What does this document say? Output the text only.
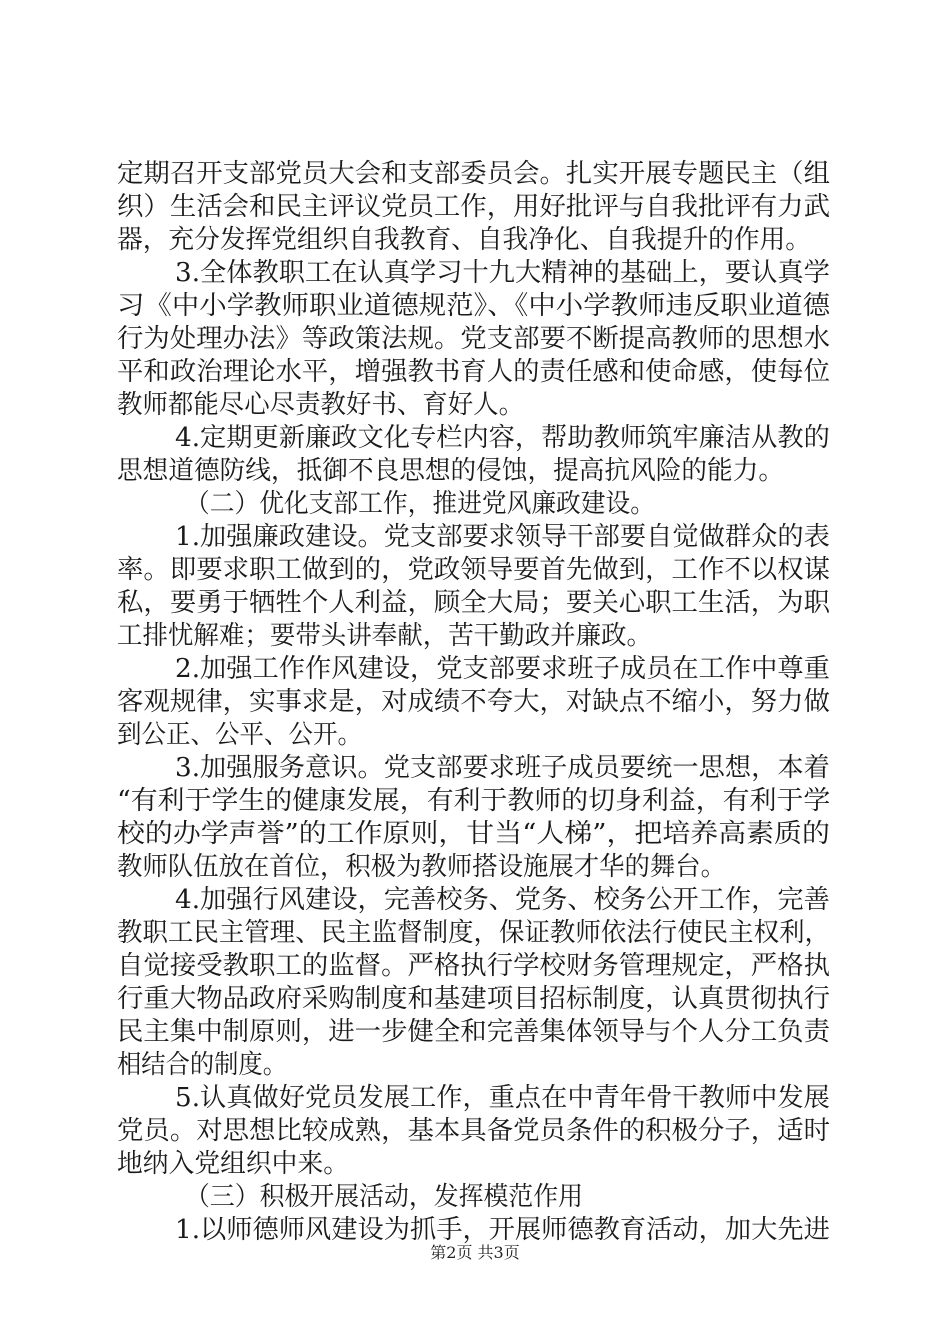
定期召开支部党员大会和支部委员会。扎实开展专题民主（组
织）生活会和民主评议党员工作，用好批评与自我批评有力武
器，充分发挥党组织自我教育、自我净化、自我提升的作用。
3.全体教职工在认真学习十九大精神的基础上，要认真学
习《中小学教师职业道德规范》、《中小学教师违反职业道德
行为处理办法》等政策法规。党支部要不断提高教师的思想水
平和政治理论水平，增强教书育人的责任感和使命感，使每位
教师都能尽心尽责教好书、育好人。
4.定期更新廉政文化专栏内容，帮助教师筑牢廉洁从教的
思想道德防线，抵御不良思想的侵蚀，提高抗风险的能力。
（二）优化支部工作，推进党风廉政建设。
1.加强廉政建设。党支部要求领导干部要自觉做群众的表
率。即要求职工做到的，党政领导要首先做到，工作不以权谋
私，要勇于牺牲个人利益，顾全大局；要关心职工生活，为职
工排忧解难；要带头讲奉献，苦干勤政并廉政。
2.加强工作作风建设，党支部要求班子成员在工作中尊重
客观规律，实事求是，对成绩不夸大，对缺点不缩小，努力做
到公正、公平、公开。
3.加强服务意识。党支部要求班子成员要统一思想，本着
“有利于学生的健康发展，有利于教师的切身利益，有利于学
校的办学声誉”的工作原则，甘当“人梯”，把培养高素质的
教师队伍放在首位，积极为教师搭设施展才华的舞台。
4.加强行风建设，完善校务、党务、校务公开工作，完善
教职工民主管理、民主监督制度，保证教师依法行使民主权利，
自觉接受教职工的监督。严格执行学校财务管理规定，严格执
行重大物品政府采购制度和基建项目招标制度，认真贯彻执行
民主集中制原则，进一步健全和完善集体领导与个人分工负责
相结合的制度。
5.认真做好党员发展工作，重点在中青年骨干教师中发展
党员。对思想比较成熟，基本具备党员条件的积极分子，适时
地纳入党组织中来。
（三）积极开展活动，发挥模范作用
1.以师德师风建设为抓手，开展师德教育活动，加大先进
第2页 共3页
